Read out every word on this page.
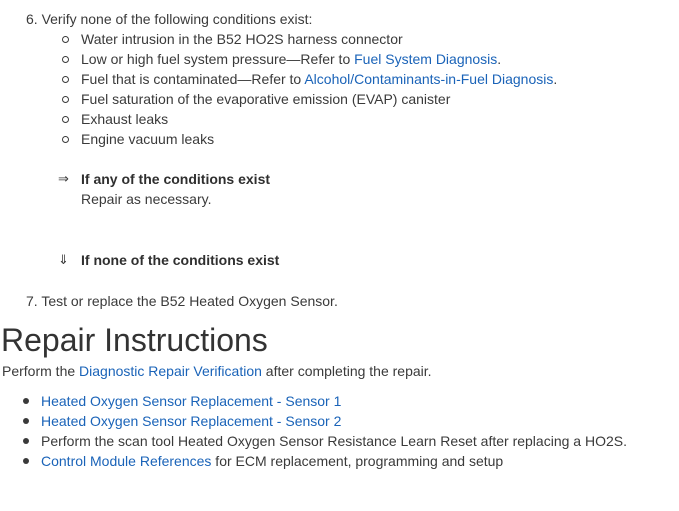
6. Verify none of the following conditions exist:
Water intrusion in the B52 HO2S harness connector
Low or high fuel system pressure—Refer to Fuel System Diagnosis.
Fuel that is contaminated—Refer to Alcohol/Contaminants-in-Fuel Diagnosis.
Fuel saturation of the evaporative emission (EVAP) canister
Exhaust leaks
Engine vacuum leaks
⇒ If any of the conditions exist
Repair as necessary.
⇓ If none of the conditions exist
7. Test or replace the B52 Heated Oxygen Sensor.
Repair Instructions
Perform the Diagnostic Repair Verification after completing the repair.
Heated Oxygen Sensor Replacement - Sensor 1
Heated Oxygen Sensor Replacement - Sensor 2
Perform the scan tool Heated Oxygen Sensor Resistance Learn Reset after replacing a HO2S.
Control Module References for ECM replacement, programming and setup
